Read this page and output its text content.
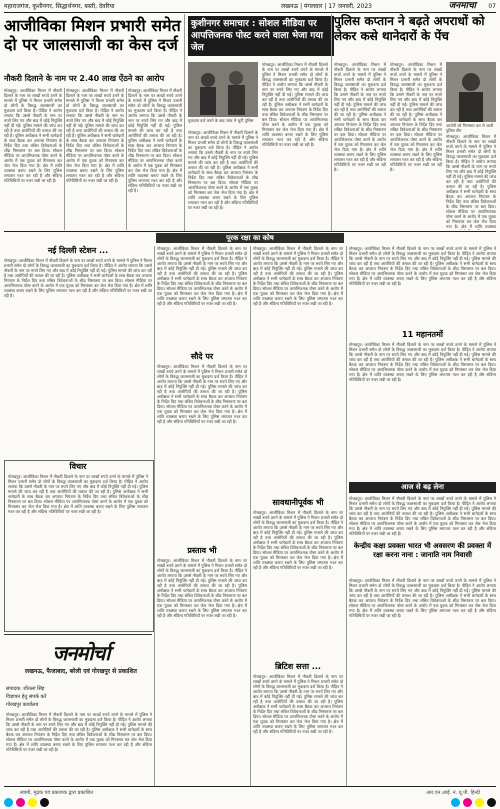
महाराजगंज, कुशीनगर, सिद्धार्थनगर, बस्ती, देवरिया	लखनऊ | मंगलवार | 17 जनवरी, 2023	जनमोर्चा 07
आजीविका मिशन प्रभारी समेत दो पर जालसाजी का केस दर्ज
नौकरी दिलाने के नाम पर 2.40 लाख ऐंठने का आरोप
गोरखपुर। आजीविका मिशन में नौकरी दिलाने के नाम पर लाखों रुपये ठगने के मामले में पुलिस ने मिशन प्रभारी समेत दो लोगों के विरुद्ध जालसाजी का मुकदमा दर्ज किया है। पीड़ित ने आरोप लगाया कि उससे नौकरी के नाम पर रुपये लिए गए और बाद में कोई नियुक्ति नहीं दी गई। पुलिस मामले की जांच कर रही है तथा आरोपियों की तलाश की जा रही है। पुलिस अधीक्षक ने सभी थानेदारों के साथ बैठक कर अपराध नियंत्रण के निर्देश दिए तथा लंबित विवेचनाओं के शीघ्र निस्तारण पर बल दिया। सोशल मीडिया पर आपत्तिजनक पोस्ट करने के आरोप में एक युवक को गिरफ्तार कर जेल भेज दिया गया है। क्षेत्र में शांति व्यवस्था बनाए रखने के लिए पुलिस लगातार गश्त कर रही है और संदिग्ध गतिविधियों पर नजर रखी जा रही है।
गोरखपुर। आजीविका मिशन में नौकरी दिलाने के नाम पर लाखों रुपये ठगने के मामले में पुलिस ने मिशन प्रभारी समेत दो लोगों के विरुद्ध जालसाजी का मुकदमा दर्ज किया है। पीड़ित ने आरोप लगाया कि उससे नौकरी के नाम पर रुपये लिए गए और बाद में कोई नियुक्ति नहीं दी गई। पुलिस मामले की जांच कर रही है तथा आरोपियों की तलाश की जा रही है। पुलिस अधीक्षक ने सभी थानेदारों के साथ बैठक कर अपराध नियंत्रण के निर्देश दिए तथा लंबित विवेचनाओं के शीघ्र निस्तारण पर बल दिया। सोशल मीडिया पर आपत्तिजनक पोस्ट करने के आरोप में एक युवक को गिरफ्तार कर जेल भेज दिया गया है। क्षेत्र में शांति व्यवस्था बनाए रखने के लिए पुलिस लगातार गश्त कर रही है और संदिग्ध गतिविधियों पर नजर रखी जा रही है।
गोरखपुर। आजीविका मिशन में नौकरी दिलाने के नाम पर लाखों रुपये ठगने के मामले में पुलिस ने मिशन प्रभारी समेत दो लोगों के विरुद्ध जालसाजी का मुकदमा दर्ज किया है। पीड़ित ने आरोप लगाया कि उससे नौकरी के नाम पर रुपये लिए गए और बाद में कोई नियुक्ति नहीं दी गई। पुलिस मामले की जांच कर रही है तथा आरोपियों की तलाश की जा रही है। पुलिस अधीक्षक ने सभी थानेदारों के साथ बैठक कर अपराध नियंत्रण के निर्देश दिए तथा लंबित विवेचनाओं के शीघ्र निस्तारण पर बल दिया। सोशल मीडिया पर आपत्तिजनक पोस्ट करने के आरोप में एक युवक को गिरफ्तार कर जेल भेज दिया गया है। क्षेत्र में शांति व्यवस्था बनाए रखने के लिए पुलिस लगातार गश्त कर रही है और संदिग्ध गतिविधियों पर नजर रखी जा रही है।
कुशीनगर समाचार : सोशल मीडिया पर आपत्तिजनक पोस्ट करने वाला भेजा गया जेल
मुकदमा दर्ज करने के बाद जांच में जुटी पुलिस
गोरखपुर। आजीविका मिशन में नौकरी दिलाने के नाम पर लाखों रुपये ठगने के मामले में पुलिस ने मिशन प्रभारी समेत दो लोगों के विरुद्ध जालसाजी का मुकदमा दर्ज किया है। पीड़ित ने आरोप लगाया कि उससे नौकरी के नाम पर रुपये लिए गए और बाद में कोई नियुक्ति नहीं दी गई। पुलिस मामले की जांच कर रही है तथा आरोपियों की तलाश की जा रही है। पुलिस अधीक्षक ने सभी थानेदारों के साथ बैठक कर अपराध नियंत्रण के निर्देश दिए तथा लंबित विवेचनाओं के शीघ्र निस्तारण पर बल दिया। सोशल मीडिया पर आपत्तिजनक पोस्ट करने के आरोप में एक युवक को गिरफ्तार कर जेल भेज दिया गया है। क्षेत्र में शांति व्यवस्था बनाए रखने के लिए पुलिस लगातार गश्त कर रही है और संदिग्ध गतिविधियों पर नजर रखी जा रही है।
गोरखपुर। आजीविका मिशन में नौकरी दिलाने के नाम पर लाखों रुपये ठगने के मामले में पुलिस ने मिशन प्रभारी समेत दो लोगों के विरुद्ध जालसाजी का मुकदमा दर्ज किया है। पीड़ित ने आरोप लगाया कि उससे नौकरी के नाम पर रुपये लिए गए और बाद में कोई नियुक्ति नहीं दी गई। पुलिस मामले की जांच कर रही है तथा आरोपियों की तलाश की जा रही है। पुलिस अधीक्षक ने सभी थानेदारों के साथ बैठक कर अपराध नियंत्रण के निर्देश दिए तथा लंबित विवेचनाओं के शीघ्र निस्तारण पर बल दिया। सोशल मीडिया पर आपत्तिजनक पोस्ट करने के आरोप में एक युवक को गिरफ्तार कर जेल भेज दिया गया है। क्षेत्र में शांति व्यवस्था बनाए रखने के लिए पुलिस लगातार गश्त कर रही है और संदिग्ध गतिविधियों पर नजर रखी जा रही है।
पुलिस कप्तान ने बढ़ते अपराधों को लेकर कसे थानेदारों के पेंच
गोरखपुर। आजीविका मिशन में नौकरी दिलाने के नाम पर लाखों रुपये ठगने के मामले में पुलिस ने मिशन प्रभारी समेत दो लोगों के विरुद्ध जालसाजी का मुकदमा दर्ज किया है। पीड़ित ने आरोप लगाया कि उससे नौकरी के नाम पर रुपये लिए गए और बाद में कोई नियुक्ति नहीं दी गई। पुलिस मामले की जांच कर रही है तथा आरोपियों की तलाश की जा रही है। पुलिस अधीक्षक ने सभी थानेदारों के साथ बैठक कर अपराध नियंत्रण के निर्देश दिए तथा लंबित विवेचनाओं के शीघ्र निस्तारण पर बल दिया। सोशल मीडिया पर आपत्तिजनक पोस्ट करने के आरोप में एक युवक को गिरफ्तार कर जेल भेज दिया गया है। क्षेत्र में शांति व्यवस्था बनाए रखने के लिए पुलिस लगातार गश्त कर रही है और संदिग्ध गतिविधियों पर नजर रखी जा रही है।
गोरखपुर। आजीविका मिशन में नौकरी दिलाने के नाम पर लाखों रुपये ठगने के मामले में पुलिस ने मिशन प्रभारी समेत दो लोगों के विरुद्ध जालसाजी का मुकदमा दर्ज किया है। पीड़ित ने आरोप लगाया कि उससे नौकरी के नाम पर रुपये लिए गए और बाद में कोई नियुक्ति नहीं दी गई। पुलिस मामले की जांच कर रही है तथा आरोपियों की तलाश की जा रही है। पुलिस अधीक्षक ने सभी थानेदारों के साथ बैठक कर अपराध नियंत्रण के निर्देश दिए तथा लंबित विवेचनाओं के शीघ्र निस्तारण पर बल दिया। सोशल मीडिया पर आपत्तिजनक पोस्ट करने के आरोप में एक युवक को गिरफ्तार कर जेल भेज दिया गया है। क्षेत्र में शांति व्यवस्था बनाए रखने के लिए पुलिस लगातार गश्त कर रही है और संदिग्ध गतिविधियों पर नजर रखी जा रही है।
आरोपी को गिरफ्तार कर ले जाती पुलिस टीम
गोरखपुर। आजीविका मिशन में नौकरी दिलाने के नाम पर लाखों रुपये ठगने के मामले में पुलिस ने मिशन प्रभारी समेत दो लोगों के विरुद्ध जालसाजी का मुकदमा दर्ज किया है। पीड़ित ने आरोप लगाया कि उससे नौकरी के नाम पर रुपये लिए गए और बाद में कोई नियुक्ति नहीं दी गई। पुलिस मामले की जांच कर रही है तथा आरोपियों की तलाश की जा रही है। पुलिस अधीक्षक ने सभी थानेदारों के साथ बैठक कर अपराध नियंत्रण के निर्देश दिए तथा लंबित विवेचनाओं के शीघ्र निस्तारण पर बल दिया। सोशल मीडिया पर आपत्तिजनक पोस्ट करने के आरोप में एक युवक को गिरफ्तार कर जेल भेज दिया गया है। क्षेत्र में शांति व्यवस्था
पूरक रक्षा का कोष
नई दिल्ली स्टेशन ...
गोरखपुर। आजीविका मिशन में नौकरी दिलाने के नाम पर लाखों रुपये ठगने के मामले में पुलिस ने मिशन प्रभारी समेत दो लोगों के विरुद्ध जालसाजी का मुकदमा दर्ज किया है। पीड़ित ने आरोप लगाया कि उससे नौकरी के नाम पर रुपये लिए गए और बाद में कोई नियुक्ति नहीं दी गई। पुलिस मामले की जांच कर रही है तथा आरोपियों की तलाश की जा रही है। पुलिस अधीक्षक ने सभी थानेदारों के साथ बैठक कर अपराध नियंत्रण के निर्देश दिए तथा लंबित विवेचनाओं के शीघ्र निस्तारण पर बल दिया। सोशल मीडिया पर आपत्तिजनक पोस्ट करने के आरोप में एक युवक को गिरफ्तार कर जेल भेज दिया गया है। क्षेत्र में शांति व्यवस्था बनाए रखने के लिए पुलिस लगातार गश्त कर रही है और संदिग्ध गतिविधियों पर नजर रखी जा रही है।
विचार
गोरखपुर। आजीविका मिशन में नौकरी दिलाने के नाम पर लाखों रुपये ठगने के मामले में पुलिस ने मिशन प्रभारी समेत दो लोगों के विरुद्ध जालसाजी का मुकदमा दर्ज किया है। पीड़ित ने आरोप लगाया कि उससे नौकरी के नाम पर रुपये लिए गए और बाद में कोई नियुक्ति नहीं दी गई। पुलिस मामले की जांच कर रही है तथा आरोपियों की तलाश की जा रही है। पुलिस अधीक्षक ने सभी थानेदारों के साथ बैठक कर अपराध नियंत्रण के निर्देश दिए तथा लंबित विवेचनाओं के शीघ्र निस्तारण पर बल दिया। सोशल मीडिया पर आपत्तिजनक पोस्ट करने के आरोप में एक युवक को गिरफ्तार कर जेल भेज दिया गया है। क्षेत्र में शांति व्यवस्था बनाए रखने के लिए पुलिस लगातार गश्त कर रही है और संदिग्ध गतिविधियों पर नजर रखी जा रही है।
गोरखपुर। आजीविका मिशन में नौकरी दिलाने के नाम पर लाखों रुपये ठगने के मामले में पुलिस ने मिशन प्रभारी समेत दो लोगों के विरुद्ध जालसाजी का मुकदमा दर्ज किया है। पीड़ित ने आरोप लगाया कि उससे नौकरी के नाम पर रुपये लिए गए और बाद में कोई नियुक्ति नहीं दी गई। पुलिस मामले की जांच कर रही है तथा आरोपियों की तलाश की जा रही है। पुलिस अधीक्षक ने सभी थानेदारों के साथ बैठक कर अपराध नियंत्रण के निर्देश दिए तथा लंबित विवेचनाओं के शीघ्र निस्तारण पर बल दिया। सोशल मीडिया पर आपत्तिजनक पोस्ट करने के आरोप में एक युवक को गिरफ्तार कर जेल भेज दिया गया है। क्षेत्र में शांति व्यवस्था बनाए रखने के लिए पुलिस लगातार गश्त कर रही है और संदिग्ध गतिविधियों पर नजर रखी जा रही है।
सौदे पर
गोरखपुर। आजीविका मिशन में नौकरी दिलाने के नाम पर लाखों रुपये ठगने के मामले में पुलिस ने मिशन प्रभारी समेत दो लोगों के विरुद्ध जालसाजी का मुकदमा दर्ज किया है। पीड़ित ने आरोप लगाया कि उससे नौकरी के नाम पर रुपये लिए गए और बाद में कोई नियुक्ति नहीं दी गई। पुलिस मामले की जांच कर रही है तथा आरोपियों की तलाश की जा रही है। पुलिस अधीक्षक ने सभी थानेदारों के साथ बैठक कर अपराध नियंत्रण के निर्देश दिए तथा लंबित विवेचनाओं के शीघ्र निस्तारण पर बल दिया। सोशल मीडिया पर आपत्तिजनक पोस्ट करने के आरोप में एक युवक को गिरफ्तार कर जेल भेज दिया गया है। क्षेत्र में शांति व्यवस्था बनाए रखने के लिए पुलिस लगातार गश्त कर रही है और संदिग्ध गतिविधियों पर नजर रखी जा रही है।
प्रस्ताव भी
गोरखपुर। आजीविका मिशन में नौकरी दिलाने के नाम पर लाखों रुपये ठगने के मामले में पुलिस ने मिशन प्रभारी समेत दो लोगों के विरुद्ध जालसाजी का मुकदमा दर्ज किया है। पीड़ित ने आरोप लगाया कि उससे नौकरी के नाम पर रुपये लिए गए और बाद में कोई नियुक्ति नहीं दी गई। पुलिस मामले की जांच कर रही है तथा आरोपियों की तलाश की जा रही है। पुलिस अधीक्षक ने सभी थानेदारों के साथ बैठक कर अपराध नियंत्रण के निर्देश दिए तथा लंबित विवेचनाओं के शीघ्र निस्तारण पर बल दिया। सोशल मीडिया पर आपत्तिजनक पोस्ट करने के आरोप में एक युवक को गिरफ्तार कर जेल भेज दिया गया है। क्षेत्र में शांति व्यवस्था बनाए रखने के लिए पुलिस लगातार गश्त कर रही है और संदिग्ध गतिविधियों पर नजर रखी जा रही है।
गोरखपुर। आजीविका मिशन में नौकरी दिलाने के नाम पर लाखों रुपये ठगने के मामले में पुलिस ने मिशन प्रभारी समेत दो लोगों के विरुद्ध जालसाजी का मुकदमा दर्ज किया है। पीड़ित ने आरोप लगाया कि उससे नौकरी के नाम पर रुपये लिए गए और बाद में कोई नियुक्ति नहीं दी गई। पुलिस मामले की जांच कर रही है तथा आरोपियों की तलाश की जा रही है। पुलिस अधीक्षक ने सभी थानेदारों के साथ बैठक कर अपराध नियंत्रण के निर्देश दिए तथा लंबित विवेचनाओं के शीघ्र निस्तारण पर बल दिया। सोशल मीडिया पर आपत्तिजनक पोस्ट करने के आरोप में एक युवक को गिरफ्तार कर जेल भेज दिया गया है। क्षेत्र में शांति व्यवस्था बनाए रखने के लिए पुलिस लगातार गश्त कर रही है और संदिग्ध गतिविधियों पर नजर रखी जा रही है।
सावधानीपूर्वक भी
गोरखपुर। आजीविका मिशन में नौकरी दिलाने के नाम पर लाखों रुपये ठगने के मामले में पुलिस ने मिशन प्रभारी समेत दो लोगों के विरुद्ध जालसाजी का मुकदमा दर्ज किया है। पीड़ित ने आरोप लगाया कि उससे नौकरी के नाम पर रुपये लिए गए और बाद में कोई नियुक्ति नहीं दी गई। पुलिस मामले की जांच कर रही है तथा आरोपियों की तलाश की जा रही है। पुलिस अधीक्षक ने सभी थानेदारों के साथ बैठक कर अपराध नियंत्रण के निर्देश दिए तथा लंबित विवेचनाओं के शीघ्र निस्तारण पर बल दिया। सोशल मीडिया पर आपत्तिजनक पोस्ट करने के आरोप में एक युवक को गिरफ्तार कर जेल भेज दिया गया है। क्षेत्र में शांति व्यवस्था बनाए रखने के लिए पुलिस लगातार गश्त कर रही है और संदिग्ध गतिविधियों पर नजर रखी जा रही है।
ब्रिटिश सत्ता ...
गोरखपुर। आजीविका मिशन में नौकरी दिलाने के नाम पर लाखों रुपये ठगने के मामले में पुलिस ने मिशन प्रभारी समेत दो लोगों के विरुद्ध जालसाजी का मुकदमा दर्ज किया है। पीड़ित ने आरोप लगाया कि उससे नौकरी के नाम पर रुपये लिए गए और बाद में कोई नियुक्ति नहीं दी गई। पुलिस मामले की जांच कर रही है तथा आरोपियों की तलाश की जा रही है। पुलिस अधीक्षक ने सभी थानेदारों के साथ बैठक कर अपराध नियंत्रण के निर्देश दिए तथा लंबित विवेचनाओं के शीघ्र निस्तारण पर बल दिया। सोशल मीडिया पर आपत्तिजनक पोस्ट करने के आरोप में एक युवक को गिरफ्तार कर जेल भेज दिया गया है। क्षेत्र में शांति व्यवस्था बनाए रखने के लिए पुलिस लगातार गश्त कर रही है और संदिग्ध गतिविधियों पर नजर रखी जा रही है।
गोरखपुर। आजीविका मिशन में नौकरी दिलाने के नाम पर लाखों रुपये ठगने के मामले में पुलिस ने मिशन प्रभारी समेत दो लोगों के विरुद्ध जालसाजी का मुकदमा दर्ज किया है। पीड़ित ने आरोप लगाया कि उससे नौकरी के नाम पर रुपये लिए गए और बाद में कोई नियुक्ति नहीं दी गई। पुलिस मामले की जांच कर रही है तथा आरोपियों की तलाश की जा रही है। पुलिस अधीक्षक ने सभी थानेदारों के साथ बैठक कर अपराध नियंत्रण के निर्देश दिए तथा लंबित विवेचनाओं के शीघ्र निस्तारण पर बल दिया। सोशल मीडिया पर आपत्तिजनक पोस्ट करने के आरोप में एक युवक को गिरफ्तार कर जेल भेज दिया गया है। क्षेत्र में शांति व्यवस्था बनाए रखने के लिए पुलिस लगातार गश्त कर रही है और संदिग्ध गतिविधियों पर नजर रखी जा रही है।
11 महानतमों
गोरखपुर। आजीविका मिशन में नौकरी दिलाने के नाम पर लाखों रुपये ठगने के मामले में पुलिस ने मिशन प्रभारी समेत दो लोगों के विरुद्ध जालसाजी का मुकदमा दर्ज किया है। पीड़ित ने आरोप लगाया कि उससे नौकरी के नाम पर रुपये लिए गए और बाद में कोई नियुक्ति नहीं दी गई। पुलिस मामले की जांच कर रही है तथा आरोपियों की तलाश की जा रही है। पुलिस अधीक्षक ने सभी थानेदारों के साथ बैठक कर अपराध नियंत्रण के निर्देश दिए तथा लंबित विवेचनाओं के शीघ्र निस्तारण पर बल दिया। सोशल मीडिया पर आपत्तिजनक पोस्ट करने के आरोप में एक युवक को गिरफ्तार कर जेल भेज दिया गया है। क्षेत्र में शांति व्यवस्था बनाए रखने के लिए पुलिस लगातार गश्त कर रही है और संदिग्ध गतिविधियों पर नजर रखी जा रही है।
आज से बढ़ लेना
गोरखपुर। आजीविका मिशन में नौकरी दिलाने के नाम पर लाखों रुपये ठगने के मामले में पुलिस ने मिशन प्रभारी समेत दो लोगों के विरुद्ध जालसाजी का मुकदमा दर्ज किया है। पीड़ित ने आरोप लगाया कि उससे नौकरी के नाम पर रुपये लिए गए और बाद में कोई नियुक्ति नहीं दी गई। पुलिस मामले की जांच कर रही है तथा आरोपियों की तलाश की जा रही है। पुलिस अधीक्षक ने सभी थानेदारों के साथ बैठक कर अपराध नियंत्रण के निर्देश दिए तथा लंबित विवेचनाओं के शीघ्र निस्तारण पर बल दिया। सोशल मीडिया पर आपत्तिजनक पोस्ट करने के आरोप में एक युवक को गिरफ्तार कर जेल भेज दिया गया है। क्षेत्र में शांति व्यवस्था बनाए रखने के लिए पुलिस लगातार गश्त कर रही है और संदिग्ध गतिविधियों पर नजर रखी जा रही है।
केन्द्रीय कक्षा प्रवक्ता भारत भी अवसरण की प्रवक्ता में रक्षा करना नाना : जानाति नाम निवासी
गोरखपुर। आजीविका मिशन में नौकरी दिलाने के नाम पर लाखों रुपये ठगने के मामले में पुलिस ने मिशन प्रभारी समेत दो लोगों के विरुद्ध जालसाजी का मुकदमा दर्ज किया है। पीड़ित ने आरोप लगाया कि उससे नौकरी के नाम पर रुपये लिए गए और बाद में कोई नियुक्ति नहीं दी गई। पुलिस मामले की जांच कर रही है तथा आरोपियों की तलाश की जा रही है। पुलिस अधीक्षक ने सभी थानेदारों के साथ बैठक कर अपराध नियंत्रण के निर्देश दिए तथा लंबित विवेचनाओं के शीघ्र निस्तारण पर बल दिया। सोशल मीडिया पर आपत्तिजनक पोस्ट करने के आरोप में एक युवक को गिरफ्तार कर जेल भेज दिया गया है। क्षेत्र में शांति व्यवस्था बनाए रखने के लिए पुलिस लगातार गश्त कर रही है और संदिग्ध गतिविधियों पर नजर रखी जा रही है।
जनमोर्चा
लखनऊ, फैजाबाद, बरेली एवं गोरखपुर से प्रकाशित
संपादक: शीतला सिंह
विज्ञापन हेतु संपर्क करें
गोरखपुर कार्यालय
गोरखपुर। आजीविका मिशन में नौकरी दिलाने के नाम पर लाखों रुपये ठगने के मामले में पुलिस ने मिशन प्रभारी समेत दो लोगों के विरुद्ध जालसाजी का मुकदमा दर्ज किया है। पीड़ित ने आरोप लगाया कि उससे नौकरी के नाम पर रुपये लिए गए और बाद में कोई नियुक्ति नहीं दी गई। पुलिस मामले की जांच कर रही है तथा आरोपियों की तलाश की जा रही है। पुलिस अधीक्षक ने सभी थानेदारों के साथ बैठक कर अपराध नियंत्रण के निर्देश दिए तथा लंबित विवेचनाओं के शीघ्र निस्तारण पर बल दिया। सोशल मीडिया पर आपत्तिजनक पोस्ट करने के आरोप में एक युवक को गिरफ्तार कर जेल भेज दिया गया है। क्षेत्र में शांति व्यवस्था बनाए रखने के लिए पुलिस लगातार गश्त कर रही है और संदिग्ध गतिविधियों पर नजर रखी जा रही है।
स्वामी, मुद्रक एवं प्रकाशक द्वारा प्रकाशित	आर.एन.आई. नं. यू.पी. हिन्दी
